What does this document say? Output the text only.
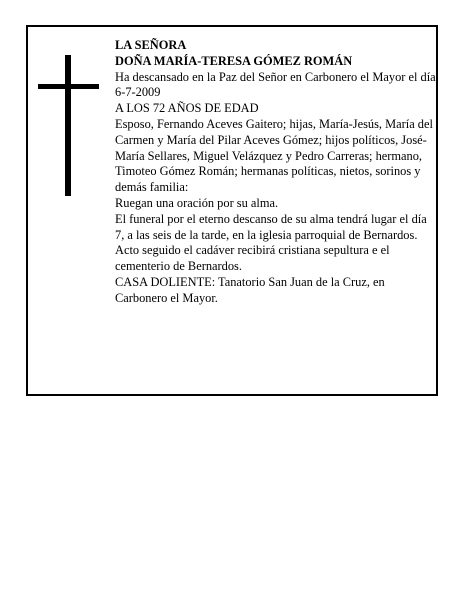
LA SEÑORA

DOÑA MARÍA-TERESA GÓMEZ ROMÁN

Ha descansado en la Paz del Señor en Carbonero el Mayor el día 6-7-2009

A LOS 72 AÑOS DE EDAD

Esposo, Fernando Aceves Gaitero; hijas, María-Jesús, María del Carmen y María del Pilar Aceves Gómez; hijos políticos, José-María Sellares, Miguel Velázquez y Pedro Carreras; hermano, Timoteo Gómez Román; hermanas políticas, nietos, sorinos y demás familia:

Ruegan una oración por su alma.

El funeral por el eterno descanso de su alma tendrá lugar el día 7, a las seis de la tarde, en la iglesia parroquial de Bernardos. Acto seguido el cadáver recibirá cristiana sepultura e el cementerio de Bernardos.

CASA DOLIENTE: Tanatorio San Juan de la Cruz, en Carbonero el Mayor.
